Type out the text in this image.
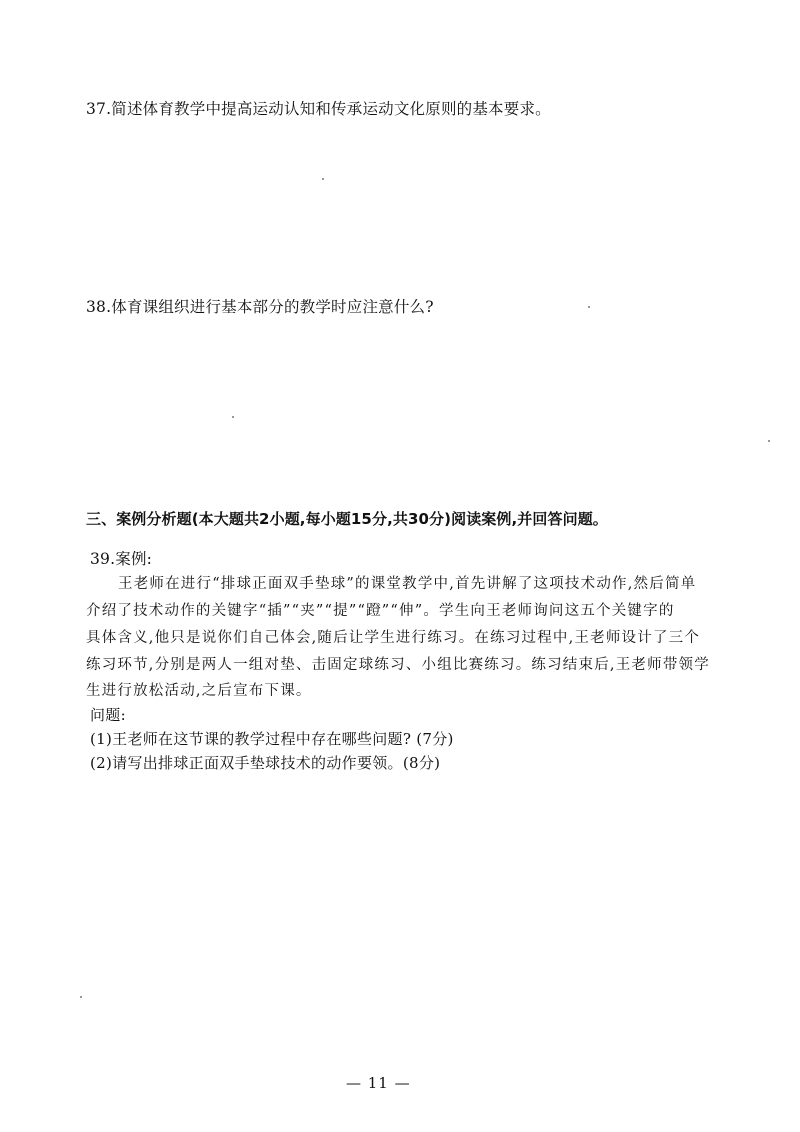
37.简述体育教学中提高运动认知和传承运动文化原则的基本要求。
38.体育课组织进行基本部分的教学时应注意什么?
三、案例分析题(本大题共2小题,每小题15分,共30分)阅读案例,并回答问题。
39.案例:
王老师在进行“排球正面双手垫球”的课堂教学中,首先讲解了这项技术动作,然后简单
介绍了技术动作的关键字“插”“夹”“提”“蹬”“伸”。学生向王老师询问这五个关键字的
具体含义,他只是说你们自己体会,随后让学生进行练习。在练习过程中,王老师设计了三个
练习环节,分别是两人一组对垫、击固定球练习、小组比赛练习。练习结束后,王老师带领学
生进行放松活动,之后宣布下课。
问题:
(1)王老师在这节课的教学过程中存在哪些问题? (7分)
(2)请写出排球正面双手垫球技术的动作要领。(8分)
— 11 —
